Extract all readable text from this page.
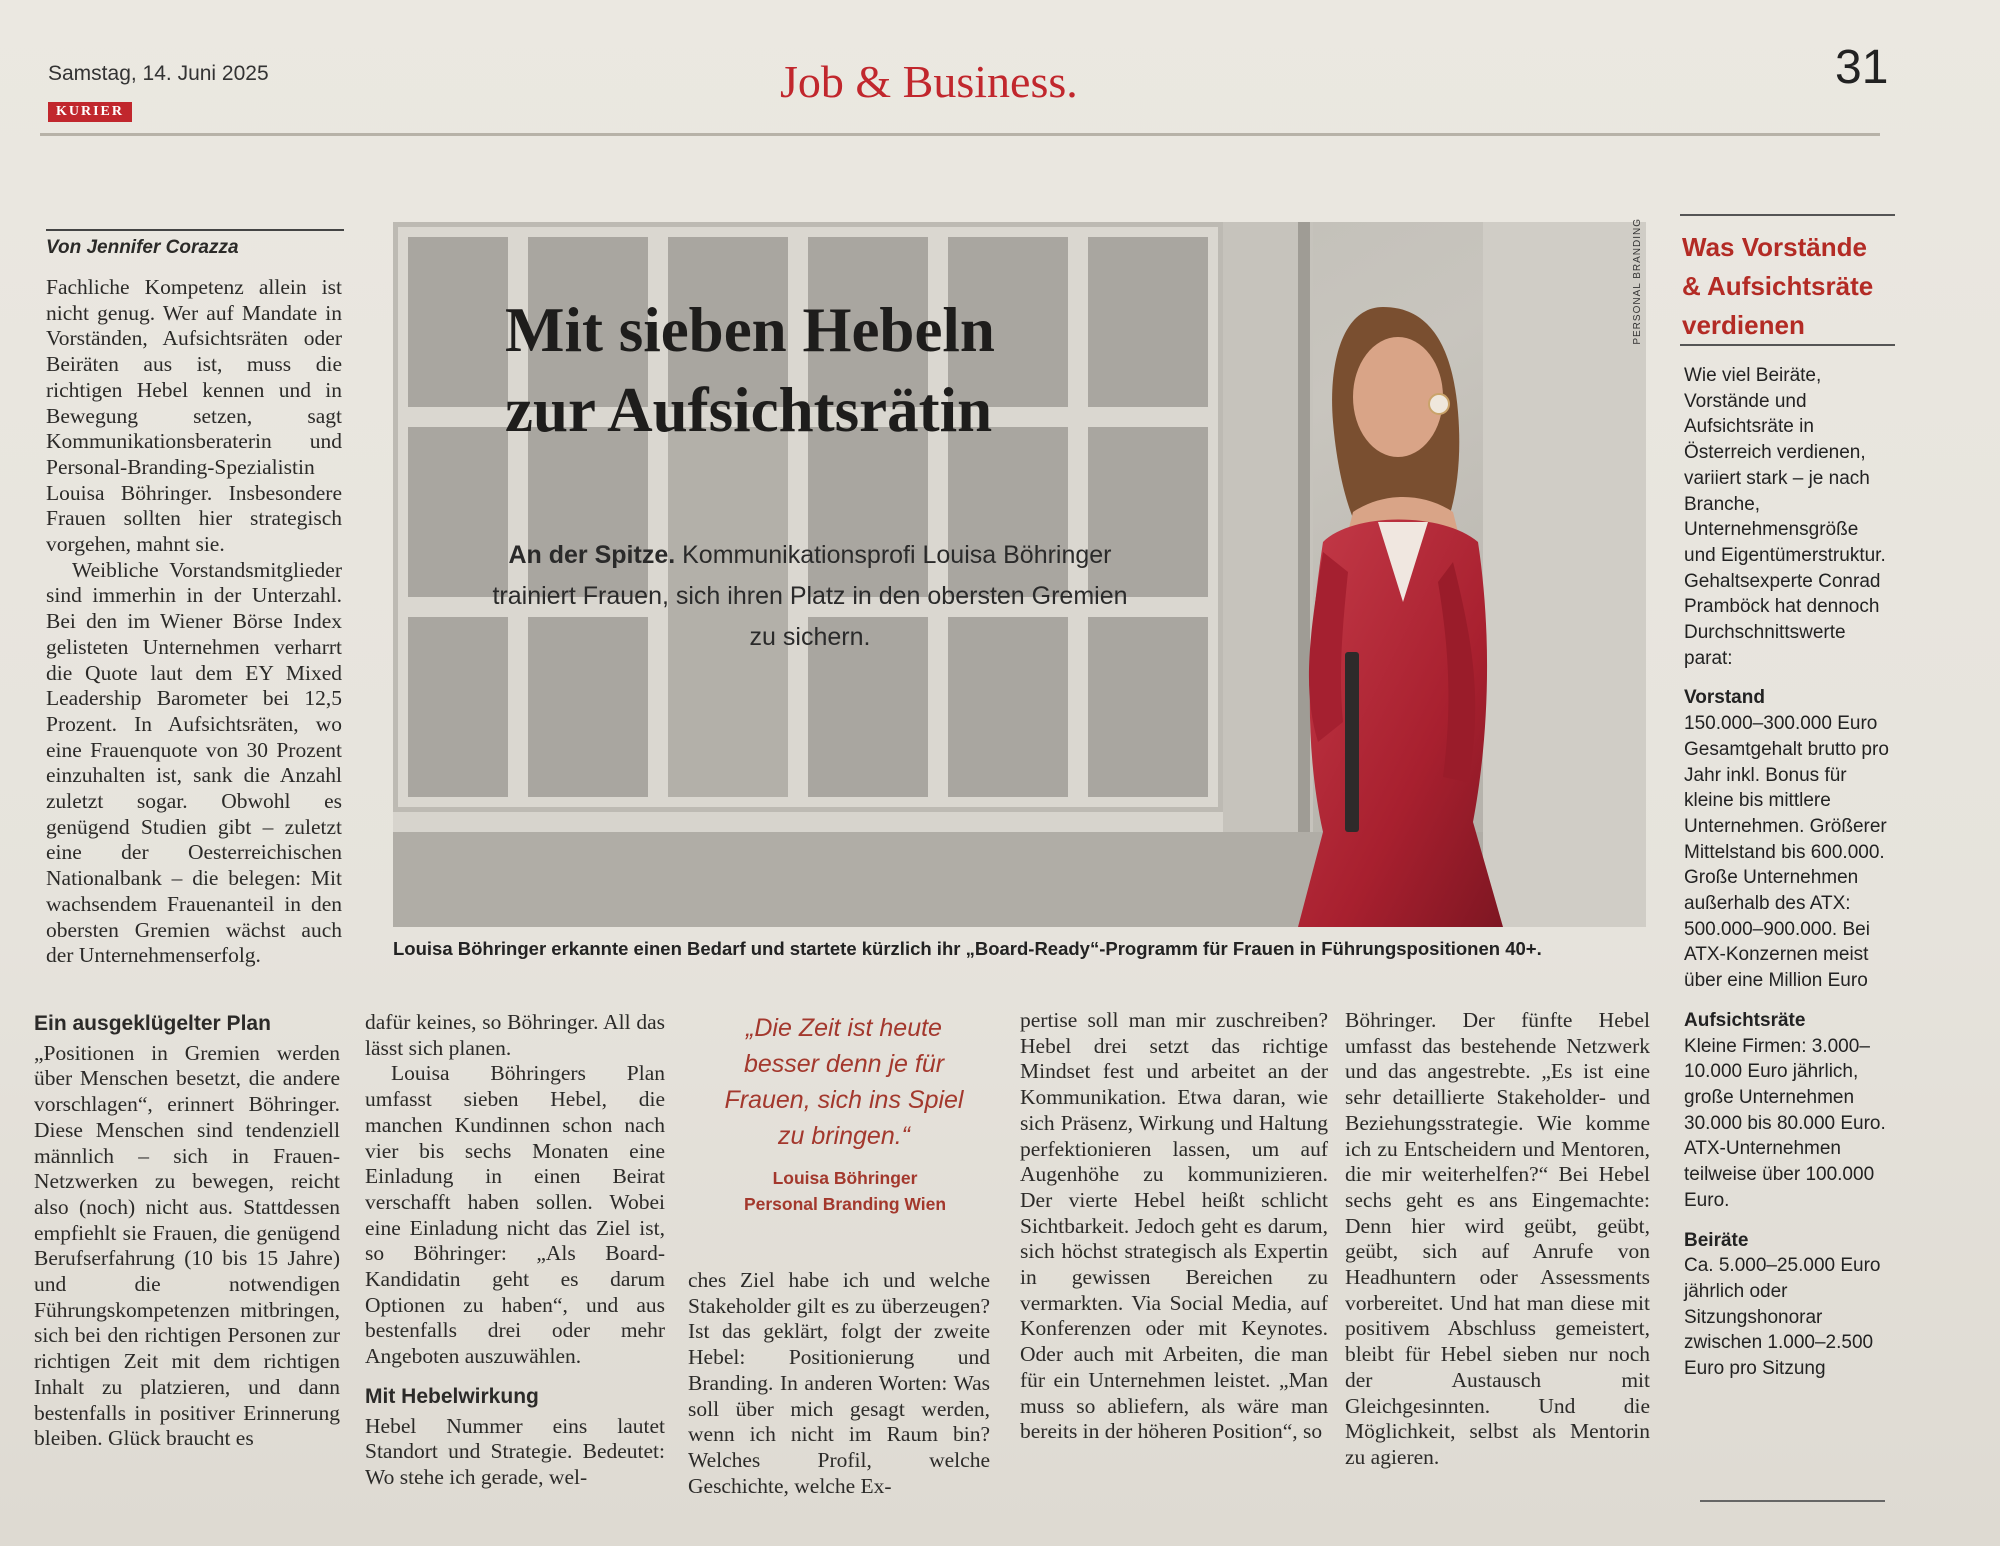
Samstag, 14. Juni 2025
KURIER
Job & Business.	31
Von Jennifer Corazza

Fachliche Kompetenz allein ist nicht genug. Wer auf Mandate in Vorständen, Aufsichtsräten oder Beiräten aus ist, muss die richtigen Hebel kennen und in Bewegung setzen, sagt Kommunikationsberaterin und Personal-Branding-Spezialistin Louisa Böhringer. Insbesondere Frauen sollten hier strategisch vorgehen, mahnt sie.

Weibliche Vorstandsmitglieder sind immerhin in der Unterzahl. Bei den im Wiener Börse Index gelisteten Unternehmen verharrt die Quote laut dem EY Mixed Leadership Barometer bei 12,5 Prozent. In Aufsichtsräten, wo eine Frauenquote von 30 Prozent einzuhalten ist, sank die Anzahl zuletzt sogar. Obwohl es genügend Studien gibt – zuletzt eine der Oesterreichischen Nationalbank – die belegen: Mit wachsendem Frauenanteil in den obersten Gremien wächst auch der Unternehmenserfolg.

Ein ausgeklügelter Plan

„Positionen in Gremien werden über Menschen besetzt, die andere vorschlagen“, erinnert Böhringer. Diese Menschen sind tendenziell männlich – sich in Frauen-Netzwerken zu bewegen, reicht also (noch) nicht aus. Stattdessen empfiehlt sie Frauen, die genügend Berufserfahrung (10 bis 15 Jahre) und die notwendigen Führungskompetenzen mitbringen, sich bei den richtigen Personen zur richtigen Zeit mit dem richtigen Inhalt zu platzieren, und dann bestenfalls in positiver Erinnerung bleiben. Glück braucht es

PERSONAL BRANDING
Mit sieben Hebeln
zur Aufsichtsrätin
An der Spitze. Kommunikationsprofi Louisa Böhringer trainiert Frauen, sich ihren Platz in den obersten Gremien zu sichern.
Louisa Böhringer erkannte einen Bedarf und startete kürzlich ihr „Board-Ready“-Programm für Frauen in Führungspositionen 40+.

dafür keines, so Böhringer. All das lässt sich planen.

Louisa Böhringers Plan umfasst sieben Hebel, die manchen Kundinnen schon nach vier bis sechs Monaten eine Einladung in einen Beirat verschafft haben sollen. Wobei eine Einladung nicht das Ziel ist, so Böhringer: „Als Board-Kandidatin geht es darum Optionen zu haben“, und aus bestenfalls drei oder mehr Angeboten auszuwählen.

Mit Hebelwirkung

Hebel Nummer eins lautet Standort und Strategie. Bedeutet: Wo stehe ich gerade, wel-

„Die Zeit ist heute besser denn je für Frauen, sich ins Spiel zu bringen.“
Louisa Böhringer
Personal Branding Wien

ches Ziel habe ich und welche Stakeholder gilt es zu überzeugen? Ist das geklärt, folgt der zweite Hebel: Positionierung und Branding. In anderen Worten: Was soll über mich gesagt werden, wenn ich nicht im Raum bin? Welches Profil, welche Geschichte, welche Ex-

pertise soll man mir zuschreiben? Hebel drei setzt das richtige Mindset fest und arbeitet an der Kommunikation. Etwa daran, wie sich Präsenz, Wirkung und Haltung perfektionieren lassen, um auf Augenhöhe zu kommunizieren. Der vierte Hebel heißt schlicht Sichtbarkeit. Jedoch geht es darum, sich höchst strategisch als Expertin in gewissen Bereichen zu vermarkten. Via Social Media, auf Konferenzen oder mit Keynotes. Oder auch mit Arbeiten, die man für ein Unternehmen leistet. „Man muss so abliefern, als wäre man bereits in der höheren Position“, so

Böhringer. Der fünfte Hebel umfasst das bestehende Netzwerk und das angestrebte. „Es ist eine sehr detaillierte Stakeholder- und Beziehungsstrategie. Wie komme ich zu Entscheidern und Mentoren, die mir weiterhelfen?“ Bei Hebel sechs geht es ans Eingemachte: Denn hier wird geübt, geübt, geübt, sich auf Anrufe von Headhuntern oder Assessments vorbereitet. Und hat man diese mit positivem Abschluss gemeistert, bleibt für Hebel sieben nur noch der Austausch mit Gleichgesinnten. Und die Möglichkeit, selbst als Mentorin zu agieren.

Was Vorstände
& Aufsichtsräte
verdienen

Wie viel Beiräte, Vorstände und Aufsichtsräte in Österreich verdienen, variiert stark – je nach Branche, Unternehmensgröße und Eigentümerstruktur. Gehaltsexperte Conrad Pramböck hat dennoch Durchschnittswerte parat:

Vorstand

150.000–300.000 Euro Gesamtgehalt brutto pro Jahr inkl. Bonus für kleine bis mittlere Unternehmen. Größerer Mittelstand bis 600.000. Große Unternehmen außerhalb des ATX: 500.000–900.000. Bei ATX-Konzernen meist über eine Million Euro

Aufsichtsräte

Kleine Firmen: 3.000–10.000 Euro jährlich, große Unternehmen 30.000 bis 80.000 Euro. ATX-Unternehmen teilweise über 100.000 Euro.

Beiräte

Ca. 5.000–25.000 Euro jährlich oder Sitzungshonorar zwischen 1.000–2.500 Euro pro Sitzung
